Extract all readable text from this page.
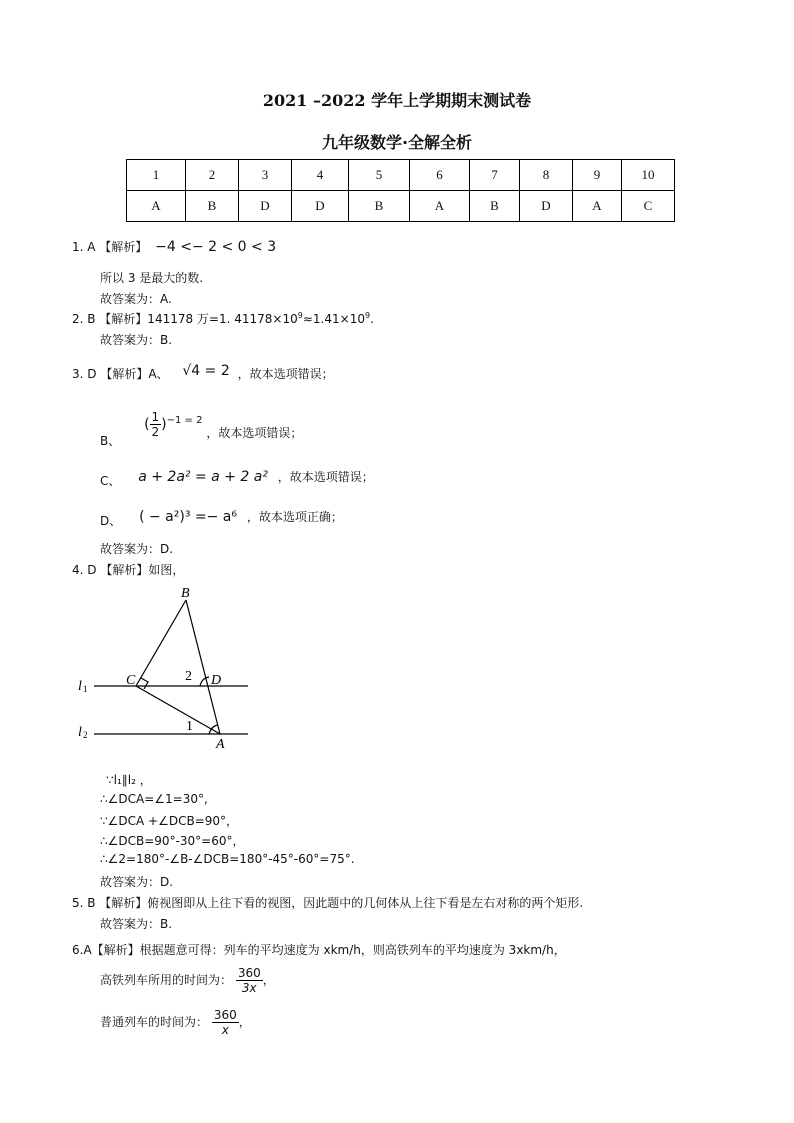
2021 –2022 学年上学期期末测试卷
九年级数学·全解全析
1	2	3	4	5	6	7	8	9	10
A	B	D	D	B	A	B	D	A	C
1. A 【解析】 −4 <− 2 < 0 < 3
所以 3 是最大的数.
故答案为：A.
2. B 【解析】141178 万=1. $41178\times 10^9\approx 1.41\times 10^9$.
故答案为：B.
3. D 【解析】A、 √4 = 2 ，故本选项错误；
B、 ( $\frac{1}{2} )^{-1 = 2}$ ，故本选项错误；
C、 a + 2a² = a + 2 a² ，故本选项错误；
D、 ( − a²)³ =− a⁶ ，故本选项正确；
故答案为：D.
4. D 【解析】如图，
B
C	D
A
l
l
1
2
2
1
∵l₁∥l₂ ，
∴∠DCA=∠1=30°,
∵∠DCA +∠DCB=90°，
∴∠DCB=90°-30°=60°，
∴∠2=180°-∠B-∠DCB=180°-45°-60°=75°.
故答案为：D.
5. B 【解析】俯视图即从上往下看的视图，因此题中的几何体从上往下看是左右对称的两个矩形.
故答案为：B.
6.A【解析】根据题意可得：列车的平均速度为 xkm/h，则高铁列车的平均速度为 3xkm/h，
高铁列车所用的时间为： $\frac{360}{3x}$ ，
普通列车的时间为： $\frac{360}{x}$ ，
